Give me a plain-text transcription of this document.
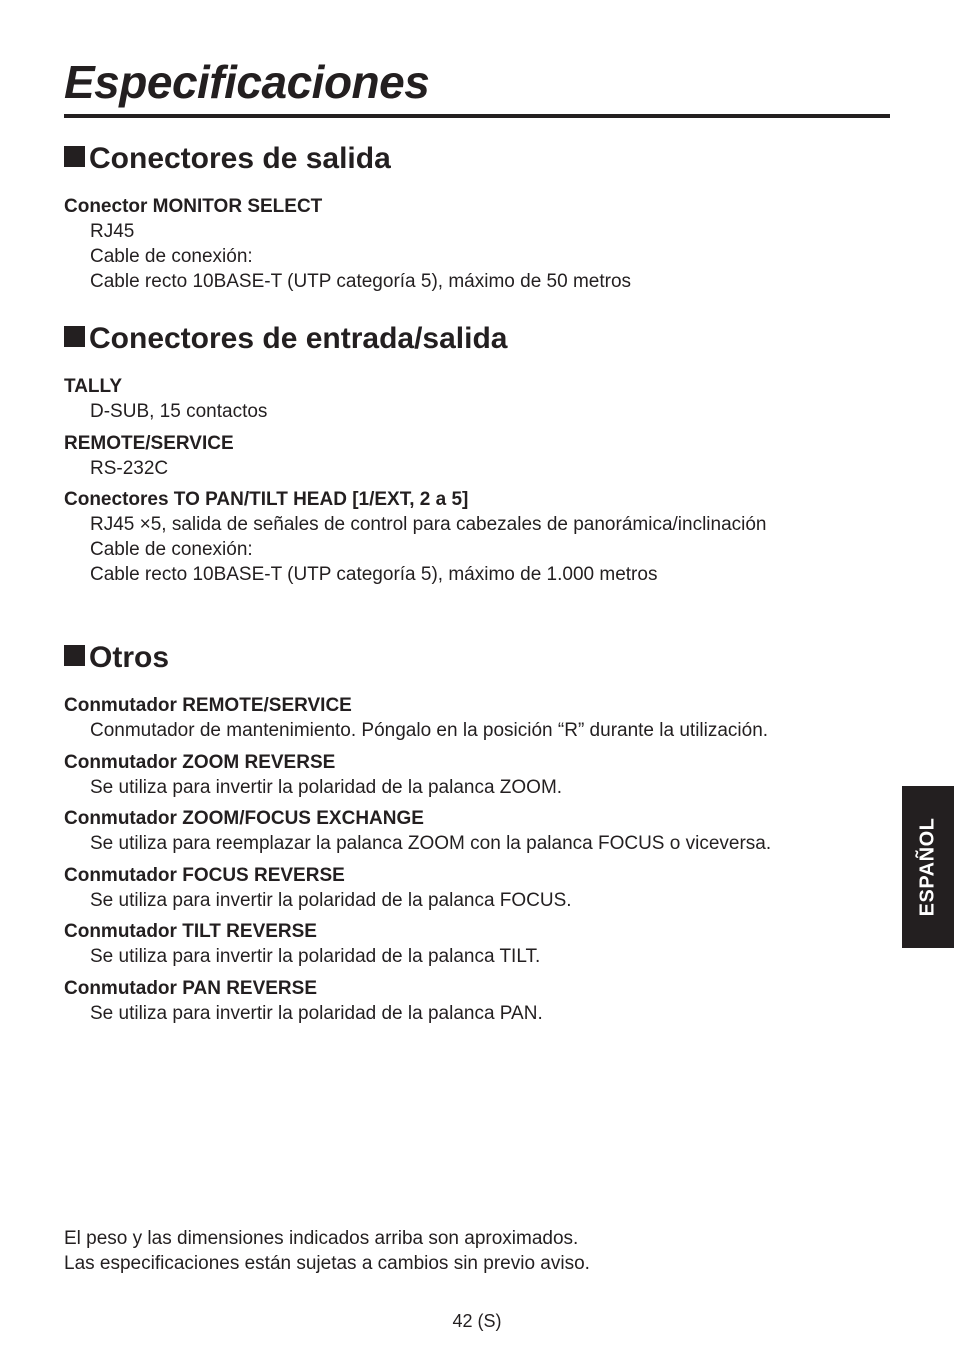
Especificaciones
Conectores de salida
Conector MONITOR SELECT
RJ45
Cable de conexión:
Cable recto 10BASE-T (UTP categoría 5), máximo de 50 metros
Conectores de entrada/salida
TALLY
D-SUB, 15 contactos
REMOTE/SERVICE
RS-232C
Conectores TO PAN/TILT HEAD [1/EXT, 2 a 5]
RJ45 ×5, salida de señales de control para cabezales de panorámica/inclinación
Cable de conexión:
Cable recto 10BASE-T (UTP categoría 5), máximo de 1.000 metros
Otros
Conmutador REMOTE/SERVICE
Conmutador de mantenimiento. Póngalo en la posición “R” durante la utilización.
Conmutador ZOOM REVERSE
Se utiliza para invertir la polaridad de la palanca ZOOM.
Conmutador ZOOM/FOCUS EXCHANGE
Se utiliza para reemplazar la palanca ZOOM con la palanca FOCUS o viceversa.
Conmutador FOCUS REVERSE
Se utiliza para invertir la polaridad de la palanca FOCUS.
Conmutador TILT REVERSE
Se utiliza para invertir la polaridad de la palanca TILT.
Conmutador PAN REVERSE
Se utiliza para invertir la polaridad de la palanca PAN.
El peso y las dimensiones indicados arriba son aproximados.
Las especificaciones están sujetas a cambios sin previo aviso.
42 (S)
ESPAÑOL
